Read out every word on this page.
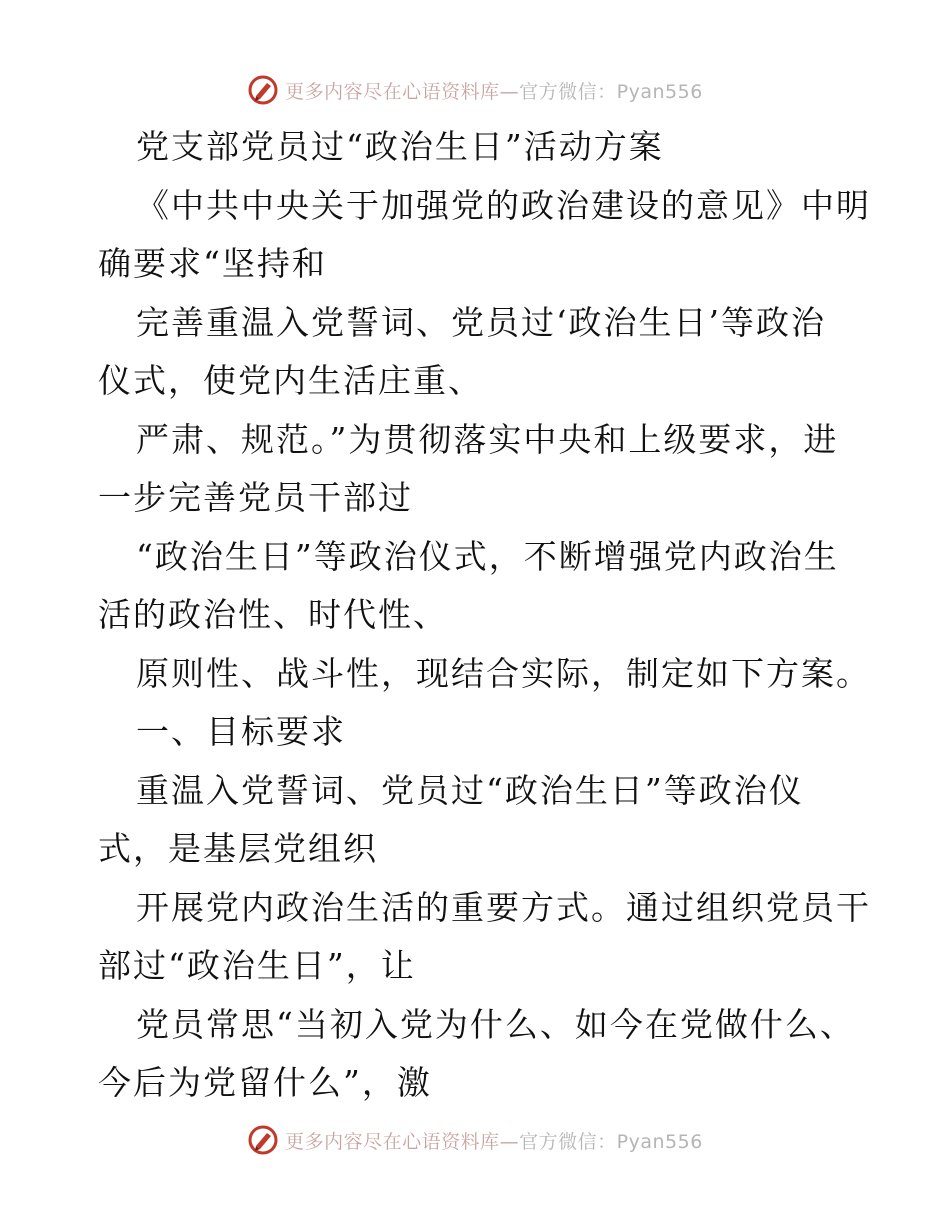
更多内容尽在心语资料库—官方微信：Pyan556
党支部党员过“政治生日”活动方案
《中共中央关于加强党的政治建设的意见》中明
确要求“坚持和
完善重温入党誓词、党员过‘政治生日’等政治
仪式，使党内生活庄重、
严肃、规范。”为贯彻落实中央和上级要求，进
一步完善党员干部过
“政治生日”等政治仪式，不断增强党内政治生
活的政治性、时代性、
原则性、战斗性，现结合实际，制定如下方案。
一、目标要求
重温入党誓词、党员过“政治生日”等政治仪
式，是基层党组织
开展党内政治生活的重要方式。通过组织党员干
部过“政治生日”，让
党员常思“当初入党为什么、如今在党做什么、
今后为党留什么”，激
更多内容尽在心语资料库—官方微信：Pyan556
